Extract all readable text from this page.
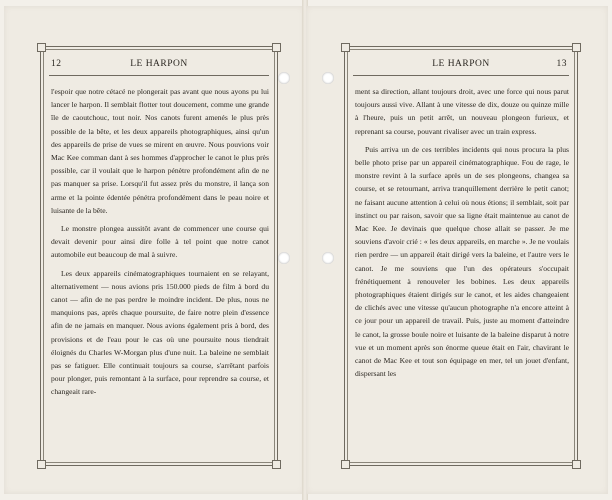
12	LE HARPON

l'espoir que notre cétacé ne plongerait pas avant que nous ayons pu lui lancer le harpon. Il semblait flotter tout doucement, comme une grande île de caoutchouc, tout noir. Nos canots furent amenés le plus près possible de la bête, et les deux appareils photographiques, ainsi qu'un des appareils de prise de vues se mirent en œuvre. Nous pouvions voir Mac Kee comman dant à ses hommes d'approcher le canot le plus près possible, car il voulait que le harpon pénètre profondément afin de ne pas manquer sa prise. Lorsqu'il fut assez près du monstre, il lança son arme et la pointe édentée pénétra profondément dans le peau noire et luisante de la bête.

Le monstre plongea aussitôt avant de commencer une course qui devait devenir pour ainsi dire folle à tel point que notre canot automobile eut beaucoup de mal à suivre.

Les deux appareils cinématographiques tournaient en se relayant, alternativement — nous avions pris 150.000 pieds de film à bord du canot — afin de ne pas perdre le moindre incident. De plus, nous ne manquions pas, après chaque poursuite, de faire notre plein d'essence afin de ne jamais en manquer. Nous avions également pris à bord, des provisions et de l'eau pour le cas où une poursuite nous tiendrait éloignés du Charles W-Morgan plus d'une nuit. La baleine ne semblait pas se fatiguer. Elle continuait toujours sa course, s'arrêtant parfois pour plonger, puis remontant à la surface, pour reprendre sa course, et changeait rare-

LE HARPON	13

ment sa direction, allant toujours droit, avec une force qui nous parut toujours aussi vive. Allant à une vitesse de dix, douze ou quinze mille à l'heure, puis un petit arrêt, un nouveau plongeon furieux, et reprenant sa course, pouvant rivaliser avec un train express.

Puis arriva un de ces terribles incidents qui nous procura la plus belle photo prise par un appareil cinématographique. Fou de rage, le monstre revint à la surface après un de ses plongeons, changea sa course, et se retournant, arriva tranquillement derrière le petit canot; ne faisant aucune attention à celui où nous étions; il semblait, soit par instinct ou par raison, savoir que sa ligne était maintenue au canot de Mac Kee. Je devinais que quelque chose allait se passer. Je me souviens d'avoir crié : « les deux appareils, en marche ». Je ne voulais rien perdre — un appareil était dirigé vers la baleine, et l'autre vers le canot. Je me souviens que l'un des opérateurs s'occupait frénétiquement à renouveler les bobines. Les deux appareils photographiques étaient dirigés sur le canot, et les aides changeaient de clichés avec une vitesse qu'aucun photographe n'a encore atteint à ce jour pour un appareil de travail. Puis, juste au moment d'atteindre le canot, la grosse boule noire et luisante de la baleine disparut à notre vue et un moment après son énorme queue était en l'air, chavirant le canot de Mac Kee et tout son équipage en mer, tel un jouet d'enfant, dispersant les
